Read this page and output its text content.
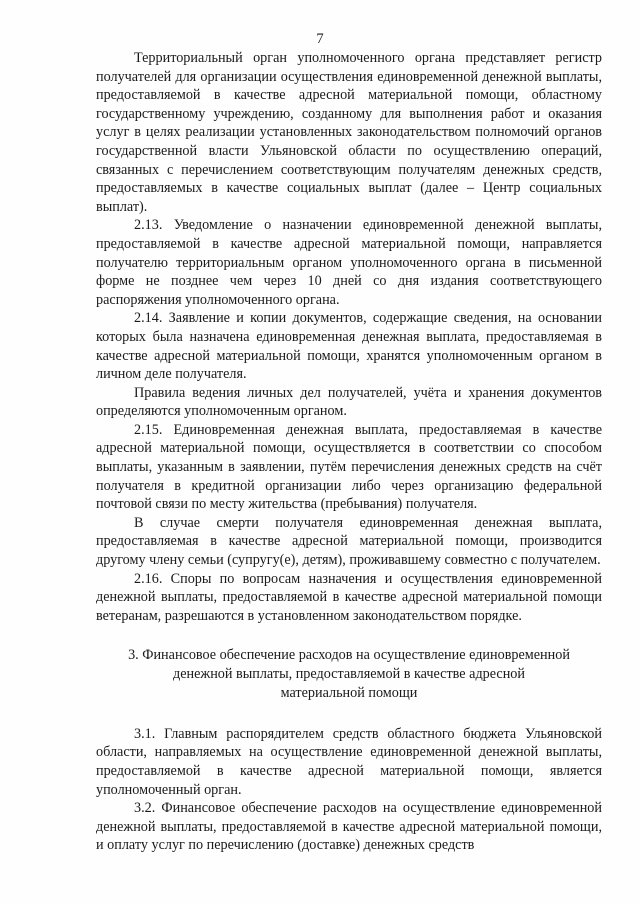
7

Территориальный орган уполномоченного органа представляет регистр получателей для организации осуществления единовременной денежной выплаты, предоставляемой в качестве адресной материальной помощи, областному государственному учреждению, созданному для выполнения работ и оказания услуг в целях реализации установленных законодательством полномочий органов государственной власти Ульяновской области по осуществлению операций, связанных с перечислением соответствующим получателям денежных средств, предоставляемых в качестве социальных выплат (далее – Центр социальных выплат).

2.13. Уведомление о назначении единовременной денежной выплаты, предоставляемой в качестве адресной материальной помощи, направляется получателю территориальным органом уполномоченного органа в письменной форме не позднее чем через 10 дней со дня издания соответствующего распоряжения уполномоченного органа.

2.14. Заявление и копии документов, содержащие сведения, на основании которых была назначена единовременная денежная выплата, предоставляемая в качестве адресной материальной помощи, хранятся уполномоченным органом в личном деле получателя.

Правила ведения личных дел получателей, учёта и хранения документов определяются уполномоченным органом.

2.15. Единовременная денежная выплата, предоставляемая в качестве адресной материальной помощи, осуществляется в соответствии со способом выплаты, указанным в заявлении, путём перечисления денежных средств на счёт получателя в кредитной организации либо через организацию федеральной почтовой связи по месту жительства (пребывания) получателя.

В случае смерти получателя единовременная денежная выплата, предоставляемая в качестве адресной материальной помощи, производится другому члену семьи (супругу(е), детям), проживавшему совместно с получателем.

2.16. Споры по вопросам назначения и осуществления единовременной денежной выплаты, предоставляемой в качестве адресной материальной помощи ветеранам, разрешаются в установленном законодательством порядке.

3. Финансовое обеспечение расходов на осуществление единовременной
денежной выплаты, предоставляемой в качестве адресной
материальной помощи

3.1. Главным распорядителем средств областного бюджета Ульяновской области, направляемых на осуществление единовременной денежной выплаты, предоставляемой в качестве адресной материальной помощи, является уполномоченный орган.

3.2. Финансовое обеспечение расходов на осуществление единовременной денежной выплаты, предоставляемой в качестве адресной материальной помощи, и оплату услуг по перечислению (доставке) денежных средств
